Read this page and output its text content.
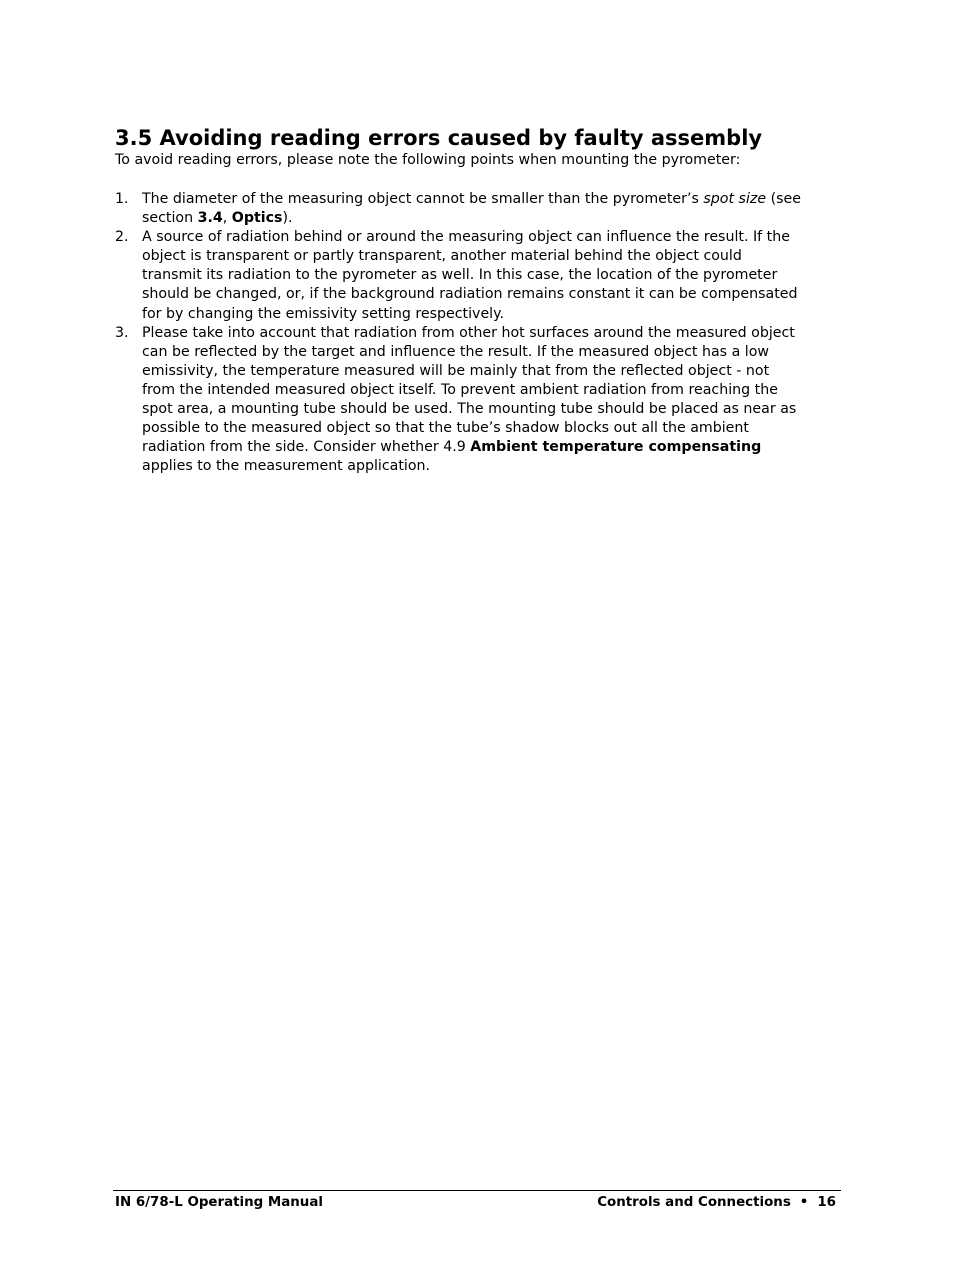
3.5 Avoiding reading errors caused by faulty assembly

To avoid reading errors, please note the following points when mounting the pyrometer:

1. The diameter of the measuring object cannot be smaller than the pyrometer’s spot size (see
section 3.4, Optics).
2. A source of radiation behind or around the measuring object can influence the result. If the
object is transparent or partly transparent, another material behind the object could
transmit its radiation to the pyrometer as well. In this case, the location of the pyrometer
should be changed, or, if the background radiation remains constant it can be compensated
for by changing the emissivity setting respectively.
3. Please take into account that radiation from other hot surfaces around the measured object
can be reflected by the target and influence the result. If the measured object has a low
emissivity, the temperature measured will be mainly that from the reflected object - not
from the intended measured object itself. To prevent ambient radiation from reaching the
spot area, a mounting tube should be used. The mounting tube should be placed as near as
possible to the measured object so that the tube’s shadow blocks out all the ambient
radiation from the side. Consider whether 4.9 Ambient temperature compensating
applies to the measurement application.
IN 6/78-L Operating Manual	Controls and Connections • 16
